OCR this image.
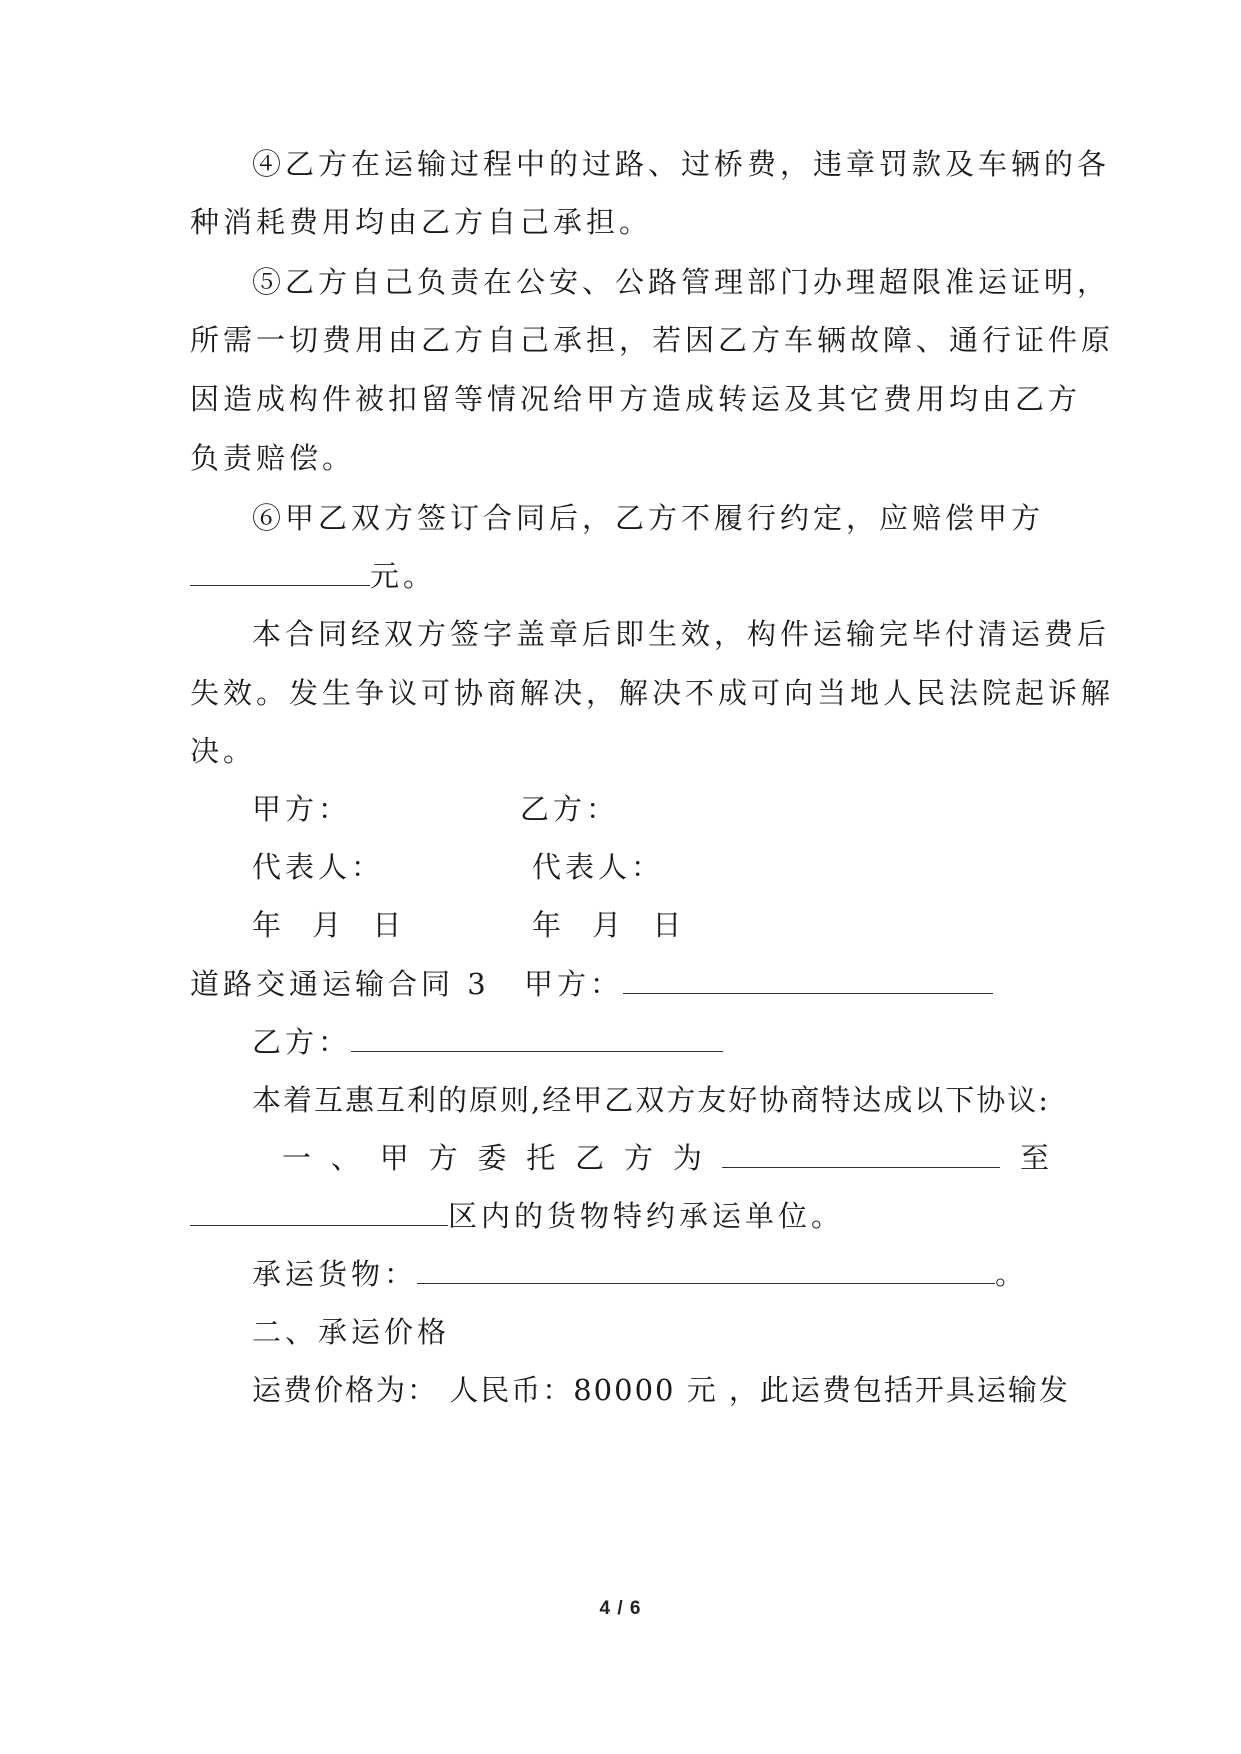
④乙方在运输过程中的过路、过桥费，违章罚款及车辆的各
种消耗费用均由乙方自己承担。
⑤乙方自己负责在公安、公路管理部门办理超限准运证明，
所需一切费用由乙方自己承担，若因乙方车辆故障、通行证件原
因造成构件被扣留等情况给甲方造成转运及其它费用均由乙方
负责赔偿。
⑥甲乙双方签订合同后，乙方不履行约定，应赔偿甲方
元。
本合同经双方签字盖章后即生效，构件运输完毕付清运费后
失效。发生争议可协商解决，解决不成可向当地人民法院起诉解
决。
甲方：	乙方：
代表人：	代表人：
年 月 日	年 月 日
道路交通运输合同 3 甲方：
乙方：
本着互惠互利的原则,经甲乙双方友好协商特达成以下协议:
一 、 甲 方 委 托 乙 方 为	至
区内的货物特约承运单位。
承运货物：	。
二、承运价格
运费价格为： 人民币：80000 元 ，此运费包括开具运输发
4 / 6
